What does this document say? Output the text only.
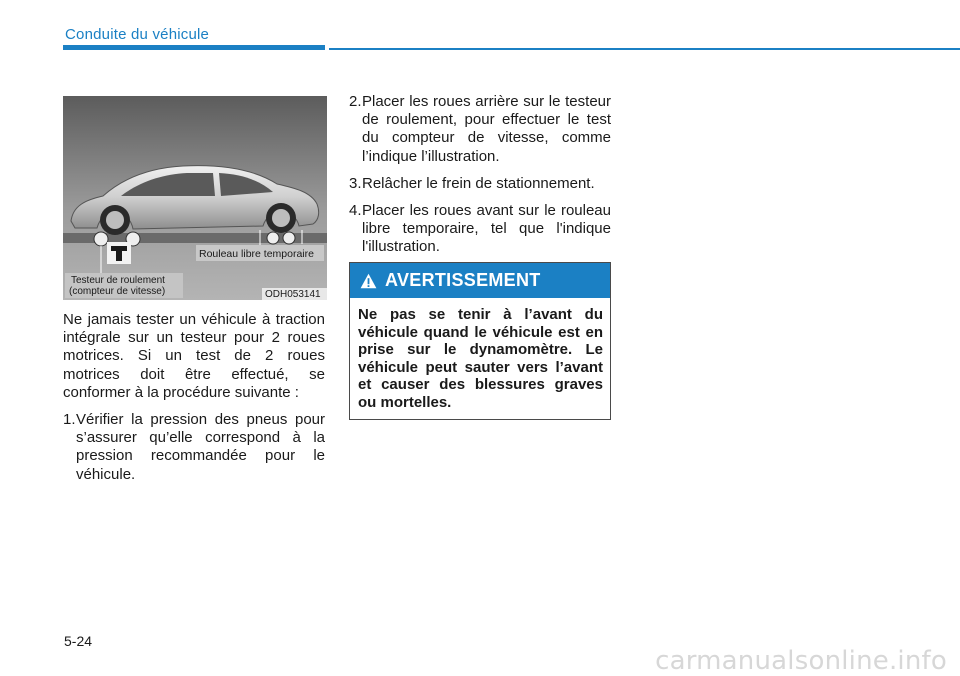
Conduite du véhicule
Rouleau libre temporaire
Testeur de roulement
(compteur de vitesse)	ODH053141

Ne jamais tester un véhicule à traction intégrale sur un testeur pour 2 roues motrices. Si un test de 2 roues motrices doit être effectué, se conformer à la procédure suivante :

1. Vérifier la pression des pneus pour s’assurer qu’elle correspond à la pression recommandée pour le véhicule.
2. Placer les roues arrière sur le testeur de roulement, pour effectuer le test du compteur de vitesse, comme l’indique l’illustration.
3. Relâcher le frein de stationnement.
4. Placer les roues avant sur le rouleau libre temporaire, tel que l'indique l'illustration.
AVERTISSEMENT
Ne pas se tenir à l’avant du véhicule quand le véhicule est en prise sur le dynamomètre. Le véhicule peut sauter vers l’avant et causer des blessures graves ou mortelles.
5-24
carmanualsonline.info
